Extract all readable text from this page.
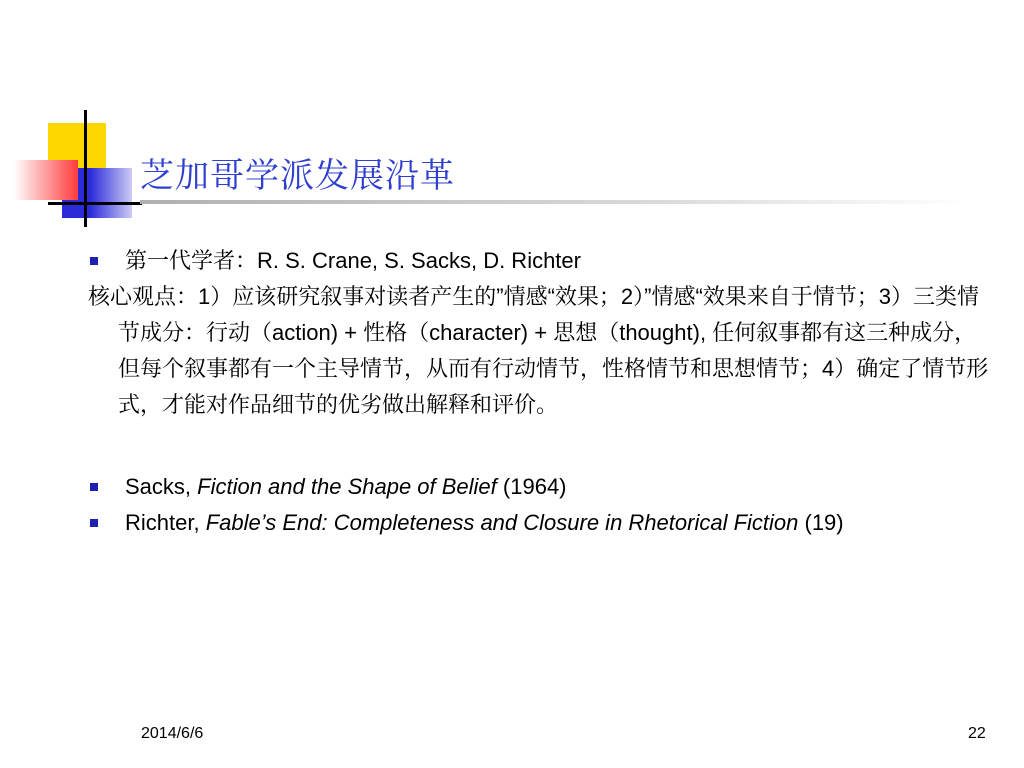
芝加哥学派发展沿革
第一代学者：R. S. Crane, S. Sacks, D. Richter
核心观点：1）应该研究叙事对读者产生的”情感“效果；2）”情感“效果来自于情节；3）三类情节成分：行动（action) + 性格（character) + 思想（thought), 任何叙事都有这三种成分，但每个叙事都有一个主导情节，从而有行动情节，性格情节和思想情节；4）确定了情节形式，才能对作品细节的优劣做出解释和评价。
Sacks, Fiction and the Shape of Belief (1964)
Richter, Fable’s End: Completeness and Closure in Rhetorical Fiction (19)
2014/6/6	22
